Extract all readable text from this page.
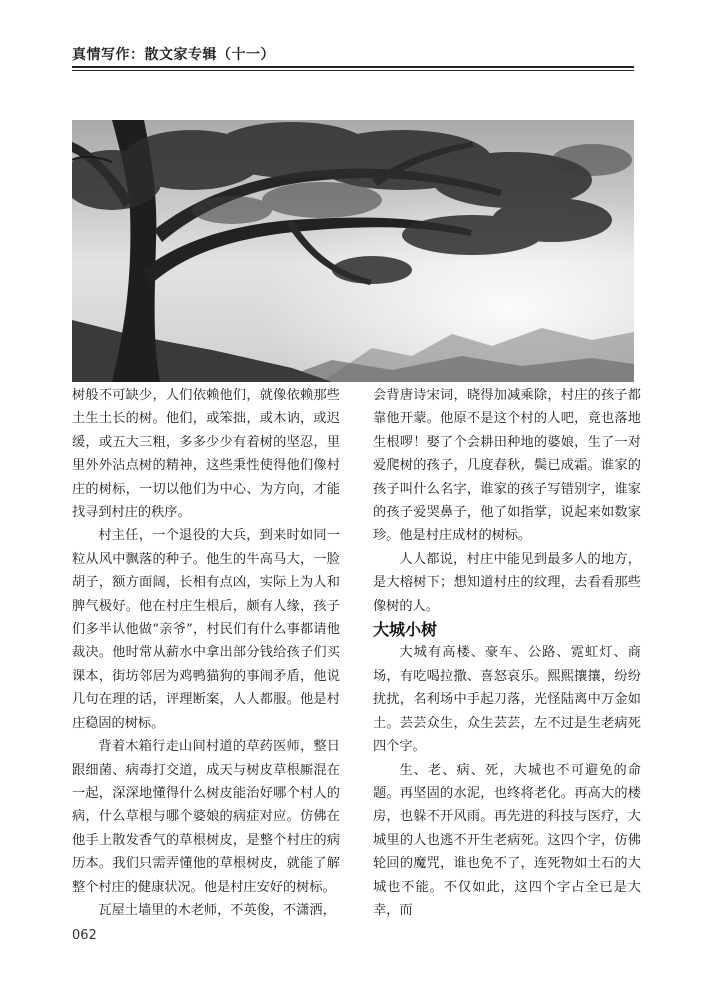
真情写作：散文家专辑（十一）

树般不可缺少，人们依赖他们，就像依赖那些土生土长的树。他们，或笨拙，或木讷，或迟缓，或五大三粗，多多少少有着树的坚忍，里里外外沾点树的精神，这些秉性使得他们像村庄的树标，一切以他们为中心、为方向，才能找寻到村庄的秩序。

村主任，一个退役的大兵，到来时如同一粒从风中飘落的种子。他生的牛高马大，一脸胡子，额方面阔，长相有点凶，实际上为人和脾气极好。他在村庄生根后，颇有人缘，孩子们多半认他做“亲爷”，村民们有什么事都请他裁决。他时常从薪水中拿出部分钱给孩子们买课本，街坊邻居为鸡鸭猫狗的事闹矛盾，他说几句在理的话，评理断案，人人都服。他是村庄稳固的树标。

背着木箱行走山间村道的草药医师，整日跟细菌、病毒打交道，成天与树皮草根厮混在一起，深深地懂得什么树皮能治好哪个村人的病，什么草根与哪个婆娘的病症对应。仿佛在他手上散发香气的草根树皮，是整个村庄的病历本。我们只需弄懂他的草根树皮，就能了解整个村庄的健康状况。他是村庄安好的树标。

瓦屋土墙里的木老师，不英俊，不潇洒，

会背唐诗宋词，晓得加减乘除，村庄的孩子都靠他开蒙。他原不是这个村的人吧，竟也落地生根啰！娶了个会耕田种地的婆娘，生了一对爱爬树的孩子，几度春秋，鬓已成霜。谁家的孩子叫什么名字，谁家的孩子写错别字，谁家的孩子爱哭鼻子，他了如指掌，说起来如数家珍。他是村庄成材的树标。

人人都说，村庄中能见到最多人的地方，是大榕树下；想知道村庄的纹理，去看看那些像树的人。

大城小树

大城有高楼、豪车、公路、霓虹灯、商场，有吃喝拉撒、喜怒哀乐。熙熙攘攘，纷纷扰扰，名利场中手起刀落，光怪陆离中万金如土。芸芸众生，众生芸芸，左不过是生老病死四个字。

生、老、病、死，大城也不可避免的命题。再坚固的水泥，也终将老化。再高大的楼房，也躲不开风雨。再先进的科技与医疗，大城里的人也逃不开生老病死。这四个字，仿佛轮回的魔咒，谁也免不了，连死物如土石的大城也不能。不仅如此，这四个字占全已是大幸，而

062
